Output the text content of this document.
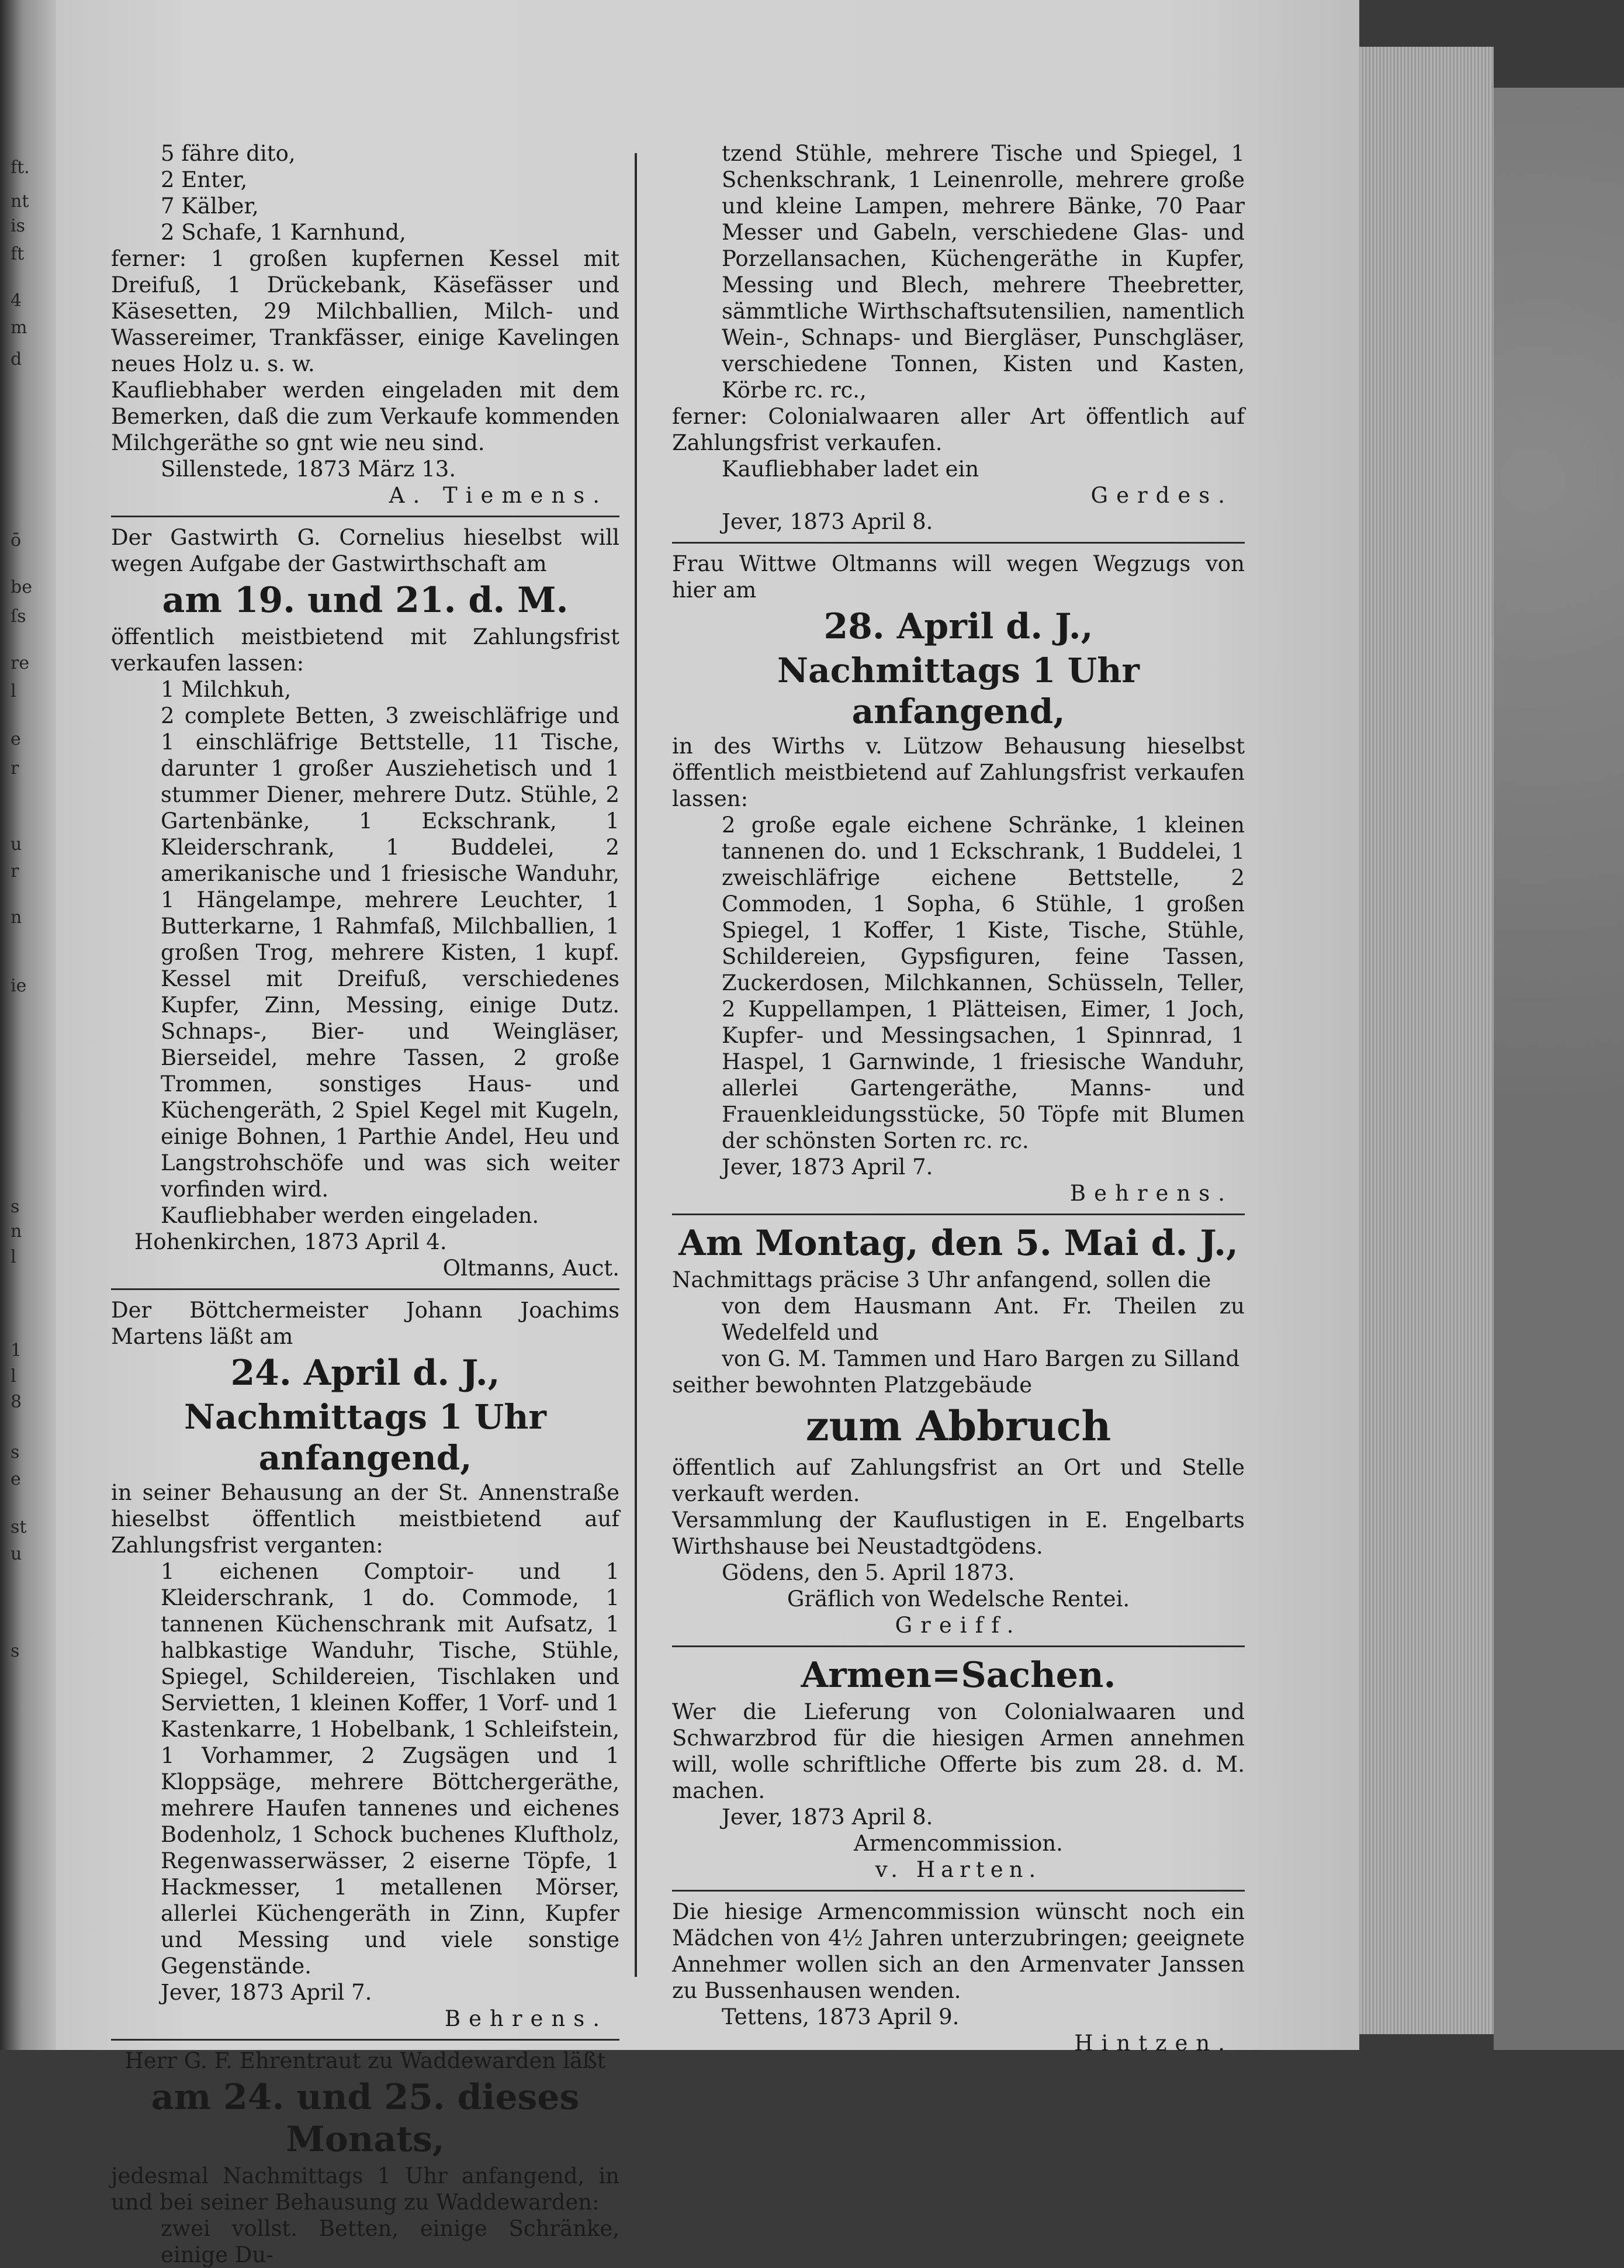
ft.
nt
is
ft
4
m
d
ō
be
ſs
re
l
e
r
u
r
n
ie
s
n
l
1
l
8
s
e
st
u
s

5 fähre dito,

2 Enter,

7 Kälber,

2 Schafe, 1 Karnhund,

ferner: 1 großen kupfernen Kessel mit Dreifuß, 1 Drückebank, Käsefässer und Käsesetten, 29 Milchballien, Milch- und Wassereimer, Trankfässer, einige Kavelingen neues Holz u. s. w.

Kaufliebhaber werden eingeladen mit dem Bemerken, daß die zum Verkaufe kommenden Milchgeräthe so gnt wie neu sind.

Sillenstede, 1873 März 13.

A. Tiemens.

Der Gastwirth G. Cornelius hieselbst will wegen Aufgabe der Gastwirthschaft am

am 19. und 21. d. M.

öffentlich meistbietend mit Zahlungsfrist verkaufen lassen:

1 Milchkuh,

2 complete Betten, 3 zweischläfrige und 1 einschläfrige Bettstelle, 11 Tische, darunter 1 großer Ausziehetisch und 1 stummer Diener, mehrere Dutz. Stühle, 2 Gartenbänke, 1 Eckschrank, 1 Kleiderschrank, 1 Buddelei, 2 amerikanische und 1 friesische Wanduhr, 1 Hängelampe, mehrere Leuchter, 1 Butterkarne, 1 Rahmfaß, Milchballien, 1 großen Trog, mehrere Kisten, 1 kupf. Kessel mit Dreifuß, verschiedenes Kupfer, Zinn, Messing, einige Dutz. Schnaps-, Bier- und Weingläser, Bierseidel, mehre Tassen, 2 große Trommen, sonstiges Haus- und Küchengeräth, 2 Spiel Kegel mit Kugeln, einige Bohnen, 1 Parthie Andel, Heu und Langstrohschöfe und was sich weiter vorfinden wird.

Kaufliebhaber werden eingeladen.

Hohenkirchen, 1873 April 4.

Oltmanns, Auct.

Der Böttchermeister Johann Joachims Martens läßt am

24. April d. J.,

Nachmittags 1 Uhr anfangend,

in seiner Behausung an der St. Annenstraße hieselbst öffentlich meistbietend auf Zahlungsfrist verganten:

1 eichenen Comptoir- und 1 Kleiderschrank, 1 do. Commode, 1 tannenen Küchenschrank mit Aufsatz, 1 halbkastige Wanduhr, Tische, Stühle, Spiegel, Schildereien, Tischlaken und Servietten, 1 kleinen Koffer, 1 Vorf- und 1 Kastenkarre, 1 Hobelbank, 1 Schleifstein, 1 Vorhammer, 2 Zugsägen und 1 Kloppsäge, mehrere Böttchergeräthe, mehrere Haufen tannenes und eichenes Bodenholz, 1 Schock buchenes Kluftholz, Regenwasserwässer, 2 eiserne Töpfe, 1 Hackmesser, 1 metallenen Mörser, allerlei Küchengeräth in Zinn, Kupfer und Messing und viele sonstige Gegenstände.

Jever, 1873 April 7.

Behrens.

Herr G. F. Ehrentraut zu Waddewarden läßt

am 24. und 25. dieses Monats,

jedesmal Nachmittags 1 Uhr anfangend, in und bei seiner Behausung zu Waddewarden:

zwei vollst. Betten, einige Schränke, einige Du-

tzend Stühle, mehrere Tische und Spiegel, 1 Schenkschrank, 1 Leinenrolle, mehrere große und kleine Lampen, mehrere Bänke, 70 Paar Messer und Gabeln, verschiedene Glas- und Porzellansachen, Küchengeräthe in Kupfer, Messing und Blech, mehrere Theebretter, sämmtliche Wirthschaftsutensilien, namentlich Wein-, Schnaps- und Biergläser, Punschgläser, verschiedene Tonnen, Kisten und Kasten, Körbe rc. rc.,

ferner: Colonialwaaren aller Art öffentlich auf Zahlungsfrist verkaufen.

Kaufliebhaber ladet ein

Gerdes.

Jever, 1873 April 8.

Frau Wittwe Oltmanns will wegen Wegzugs von hier am

28. April d. J.,

Nachmittags 1 Uhr anfangend,

in des Wirths v. Lützow Behausung hieselbst öffentlich meistbietend auf Zahlungsfrist verkaufen lassen:

2 große egale eichene Schränke, 1 kleinen tannenen do. und 1 Eckschrank, 1 Buddelei, 1 zweischläfrige eichene Bettstelle, 2 Commoden, 1 Sopha, 6 Stühle, 1 großen Spiegel, 1 Koffer, 1 Kiste, Tische, Stühle, Schildereien, Gypsfiguren, feine Tassen, Zuckerdosen, Milchkannen, Schüsseln, Teller, 2 Kuppellampen, 1 Plätteisen, Eimer, 1 Joch, Kupfer- und Messingsachen, 1 Spinnrad, 1 Haspel, 1 Garnwinde, 1 friesische Wanduhr, allerlei Gartengeräthe, Manns- und Frauenkleidungsstücke, 50 Töpfe mit Blumen der schönsten Sorten rc. rc.

Jever, 1873 April 7.

Behrens.

Am Montag, den 5. Mai d. J.,

Nachmittags präcise 3 Uhr anfangend, sollen die

von dem Hausmann Ant. Fr. Theilen zu Wedelfeld und

von G. M. Tammen und Haro Bargen zu Silland

seither bewohnten Platzgebäude

zum Abbruch

öffentlich auf Zahlungsfrist an Ort und Stelle verkauft werden.

Versammlung der Kauflustigen in E. Engelbarts Wirthshause bei Neustadtgödens.

Gödens, den 5. April 1873.

Gräflich von Wedelsche Rentei.

Greiff.

Armen=Sachen.

Wer die Lieferung von Colonialwaaren und Schwarzbrod für die hiesigen Armen annehmen will, wolle schriftliche Offerte bis zum 28. d. M. machen.

Jever, 1873 April 8.

Armencommission.

v. Harten.

Die hiesige Armencommission wünscht noch ein Mädchen von 4½ Jahren unterzubringen; geeignete Annehmer wollen sich an den Armenvater Janssen zu Bussenhausen wenden.

Tettens, 1873 April 9.

Hintzen.
